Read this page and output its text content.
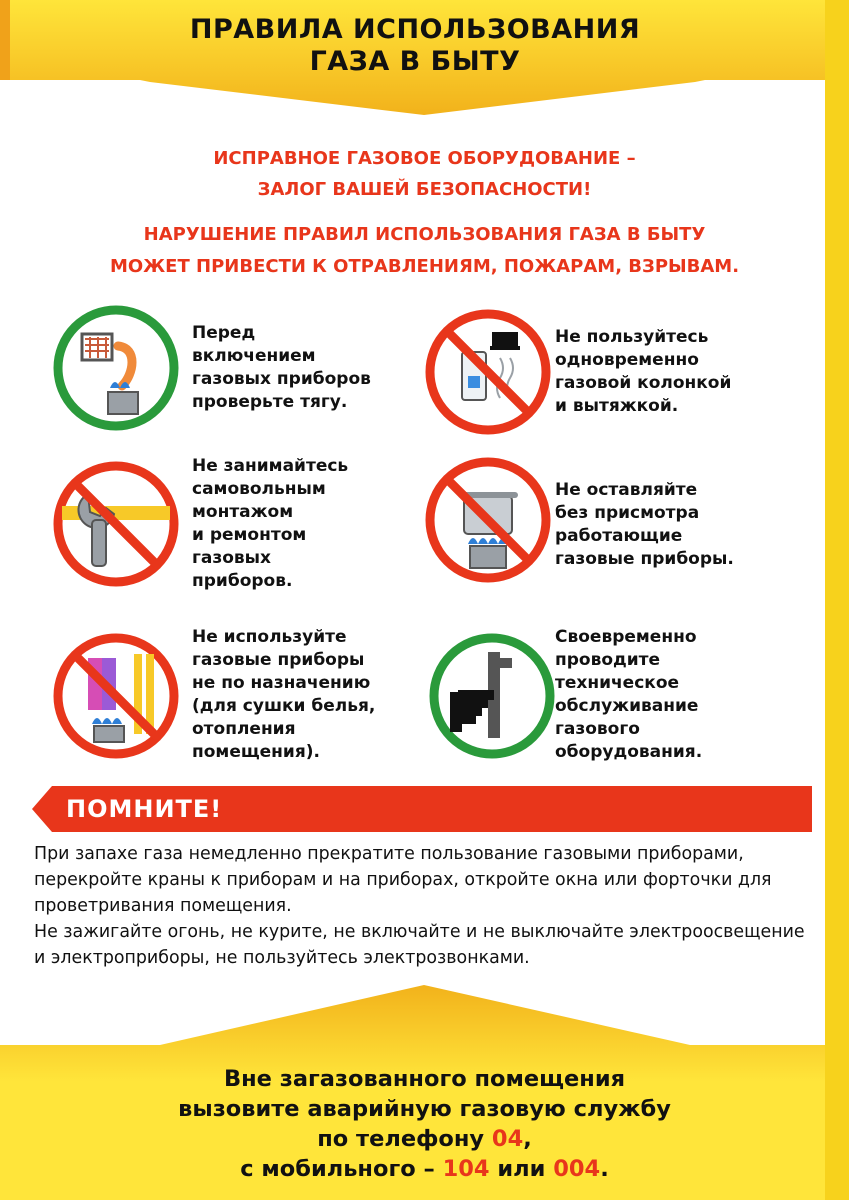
ПРАВИЛА ИСПОЛЬЗОВАНИЯ
ГАЗА В БЫТУ
ИСПРАВНОЕ ГАЗОВОЕ ОБОРУДОВАНИЕ –
ЗАЛОГ ВАШЕЙ БЕЗОПАСНОСТИ!
НАРУШЕНИЕ ПРАВИЛ ИСПОЛЬЗОВАНИЯ ГАЗА В БЫТУ
МОЖЕТ ПРИВЕСТИ К ОТРАВЛЕНИЯМ, ПОЖАРАМ, ВЗРЫВАМ.
Перед
включением
газовых приборов
проверьте тягу.
Не пользуйтесь
одновременно
газовой колонкой
и вытяжкой.
Не занимайтесь
самовольным
монтажом
и ремонтом
газовых
приборов.
Не оставляйте
без присмотра
работающие
газовые приборы.
Не используйте
газовые приборы
не по назначению
(для сушки белья,
отопления
помещения).
Своевременно
проводите
техническое
обслуживание
газового
оборудования.
ПОМНИТЕ!

При запахе газа немедленно прекратите пользование газовыми приборами, перекройте краны к приборам и на приборах, откройте окна или форточки для проветривания помещения.

Не зажигайте огонь, не курите, не включайте и не выключайте электроосвещение и электроприборы, не пользуйтесь электрозвонками.

Вне загазованного помещения
вызовите аварийную газовую службу
по телефону 04,
с мобильного – 104 или 004.
